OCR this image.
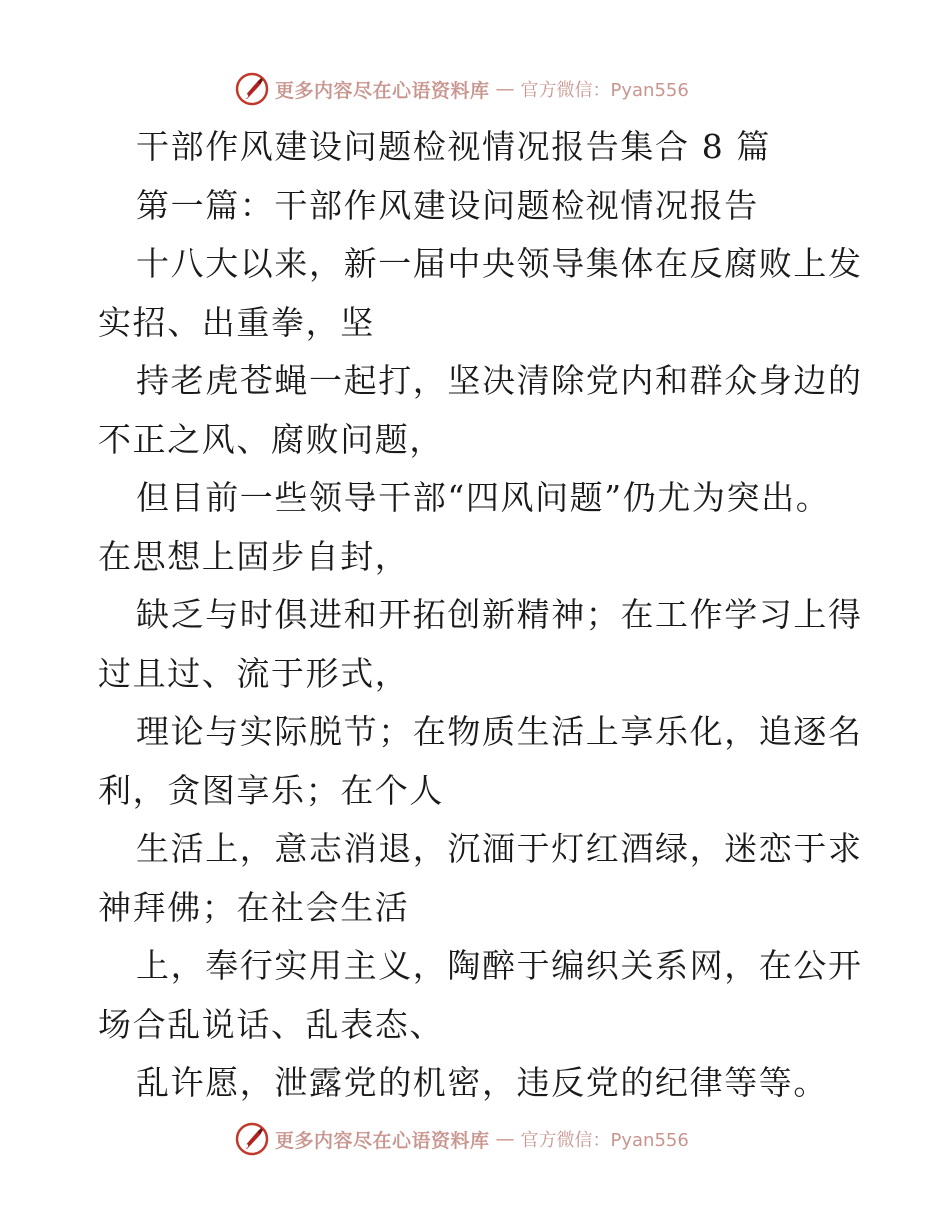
更多内容尽在心语资料库 — 官方微信：Pyan556
干部作风建设问题检视情况报告集合 8 篇
第一篇：干部作风建设问题检视情况报告
十八大以来，新一届中央领导集体在反腐败上发
实招、出重拳，坚
持老虎苍蝇一起打，坚决清除党内和群众身边的
不正之风、腐败问题，
但目前一些领导干部“四风问题”仍尤为突出。
在思想上固步自封，
缺乏与时俱进和开拓创新精神；在工作学习上得
过且过、流于形式，
理论与实际脱节；在物质生活上享乐化，追逐名
利，贪图享乐；在个人
生活上，意志消退，沉湎于灯红酒绿，迷恋于求
神拜佛；在社会生活
上，奉行实用主义，陶醉于编织关系网，在公开
场合乱说话、乱表态、
乱许愿，泄露党的机密，违反党的纪律等等。
更多内容尽在心语资料库 — 官方微信：Pyan556
